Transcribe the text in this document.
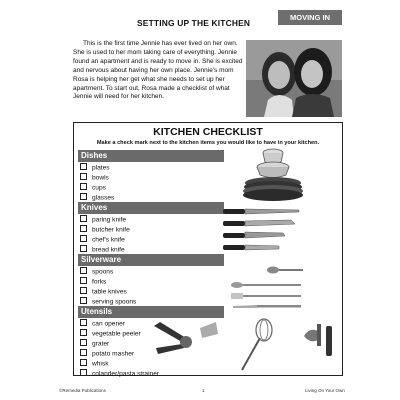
SETTING UP THE KITCHEN
MOVING IN

This is the first time Jennie has ever lived on her own. She is used to her mom taking care of everything. Jennie found an apartment and is ready to move in. She is excited and nervous about having her own place. Jennie's mom Rosa is helping her get what she needs to set up her apartment. To start out, Rosa made a checklist of what Jennie will need for her kitchen.

KITCHEN CHECKLIST
Make a check mark next to the kitchen items you would like to have in your kitchen.
Dishes
plates
bowls
cups
glasses
Knives
paring knife
butcher knife
chef's knife
bread knife
Silverware
spoons
forks
table knives
serving spoons
Utensils
can opener
vegetable peeler
grater
potato masher
whisk
colander/pasta strainer
©Remedia Publications	1	Living On Your Own
